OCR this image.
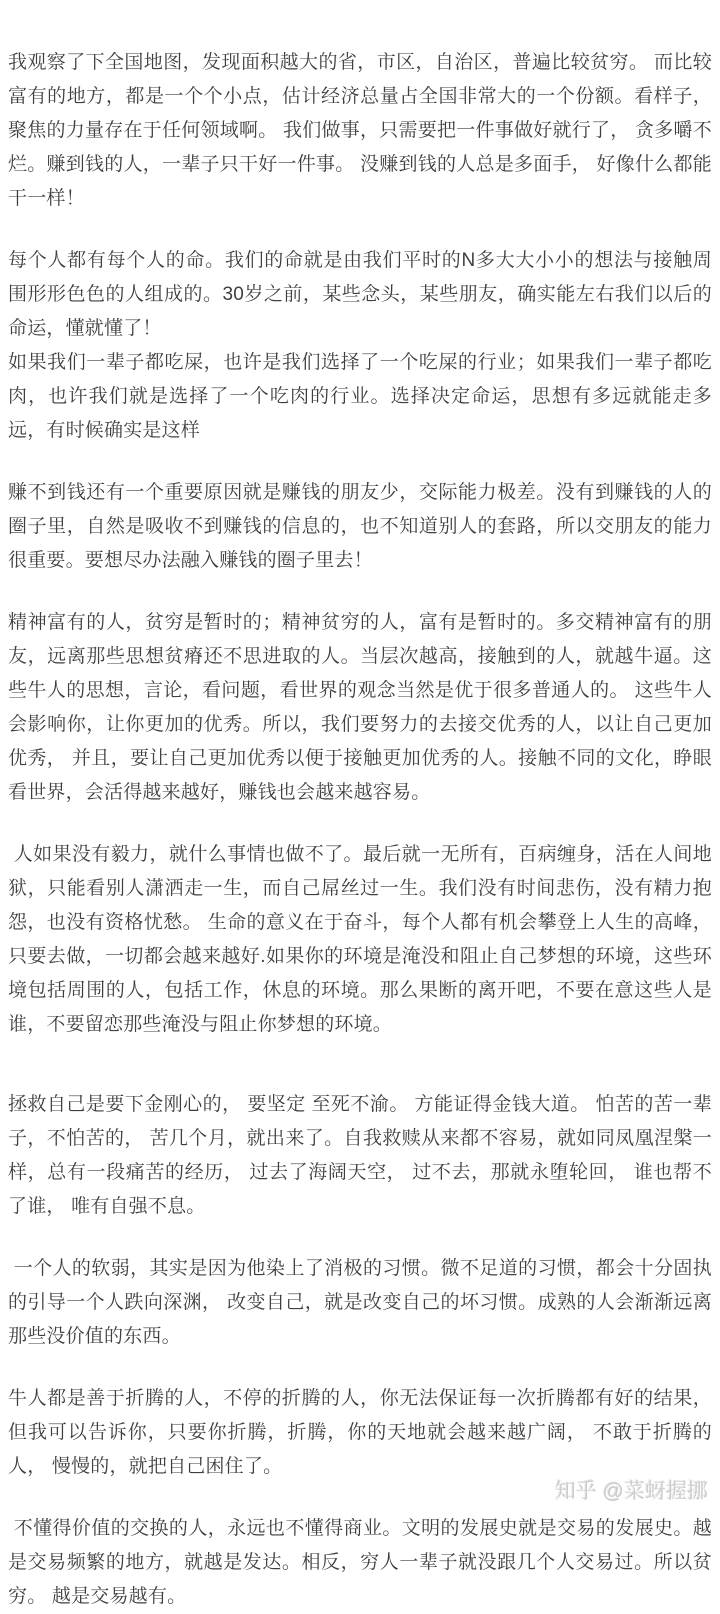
我观察了下全国地图，发现面积越大的省，市区，自治区，普遍比较贫穷。 而比较富有的地方，都是一个个小点，估计经济总量占全国非常大的一个份额。看样子，聚焦的力量存在于任何领域啊。 我们做事，只需要把一件事做好就行了， 贪多嚼不烂。赚到钱的人，一辈子只干好一件事。 没赚到钱的人总是多面手， 好像什么都能干一样！

每个人都有每个人的命。我们的命就是由我们平时的N多大大小小的想法与接触周围形形色色的人组成的。30岁之前，某些念头，某些朋友，确实能左右我们以后的命运，懂就懂了！

如果我们一辈子都吃屎，也许是我们选择了一个吃屎的行业；如果我们一辈子都吃肉，也许我们就是选择了一个吃肉的行业。选择决定命运，思想有多远就能走多远，有时候确实是这样

赚不到钱还有一个重要原因就是赚钱的朋友少，交际能力极差。没有到赚钱的人的圈子里，自然是吸收不到赚钱的信息的，也不知道别人的套路，所以交朋友的能力很重要。要想尽办法融入赚钱的圈子里去！

精神富有的人，贫穷是暂时的；精神贫穷的人，富有是暂时的。多交精神富有的朋友，远离那些思想贫瘠还不思进取的人。当层次越高，接触到的人，就越牛逼。这些牛人的思想，言论，看问题，看世界的观念当然是优于很多普通人的。 这些牛人会影响你，让你更加的优秀。所以，我们要努力的去接交优秀的人，以让自己更加优秀， 并且，要让自己更加优秀以便于接触更加优秀的人。接触不同的文化，睁眼看世界，会活得越来越好，赚钱也会越来越容易。

人如果没有毅力，就什么事情也做不了。最后就一无所有，百病缠身，活在人间地狱，只能看别人潇洒走一生，而自己屌丝过一生。我们没有时间悲伤，没有精力抱怨，也没有资格忧愁。 生命的意义在于奋斗，每个人都有机会攀登上人生的高峰，只要去做，一切都会越来越好.如果你的环境是淹没和阻止自己梦想的环境，这些环境包括周围的人，包括工作，休息的环境。那么果断的离开吧，不要在意这些人是谁，不要留恋那些淹没与阻止你梦想的环境。

拯救自己是要下金刚心的， 要坚定 至死不渝。 方能证得金钱大道。 怕苦的苦一辈子，不怕苦的， 苦几个月，就出来了。自我救赎从来都不容易，就如同凤凰涅槃一样，总有一段痛苦的经历， 过去了海阔天空， 过不去，那就永堕轮回， 谁也帮不了谁， 唯有自强不息。

一个人的软弱，其实是因为他染上了消极的习惯。微不足道的习惯，都会十分固执的引导一个人跌向深渊， 改变自己，就是改变自己的坏习惯。成熟的人会渐渐远离那些没价值的东西。

牛人都是善于折腾的人，不停的折腾的人，你无法保证每一次折腾都有好的结果， 但我可以告诉你，只要你折腾，折腾，你的天地就会越来越广阔， 不敢于折腾的人， 慢慢的，就把自己困住了。

不懂得价值的交换的人，永远也不懂得商业。文明的发展史就是交易的发展史。越是交易频繁的地方，就越是发达。相反，穷人一辈子就没跟几个人交易过。所以贫穷。 越是交易越有。

知乎 @菜蚜握挪
